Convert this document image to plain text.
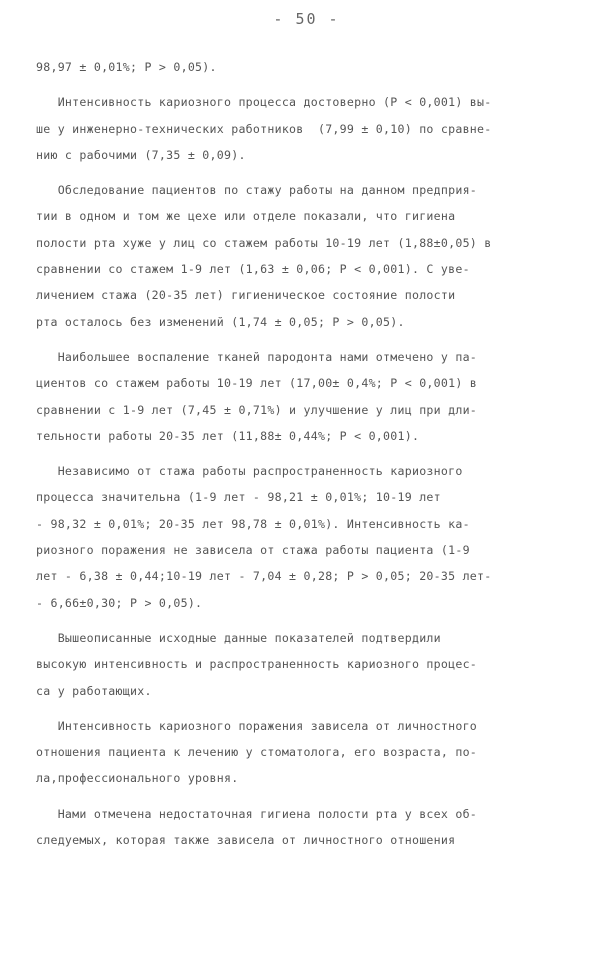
- 50 -

98,97 ± 0,01%; P > 0,05).

Интенсивность кариозного процесса достоверно (P < 0,001) вы-
ше у инженерно-технических работников  (7,99 ± 0,10) по сравне-
нию с рабочими (7,35 ± 0,09).

Обследование пациентов по стажу работы на данном предприя-
тии в одном и том же цехе или отделе показали, что гигиена
полости рта хуже у лиц со стажем работы 10-19 лет (1,88±0,05) в
сравнении со стажем 1-9 лет (1,63 ± 0,06; P < 0,001). С уве-
личением стажа (20-35 лет) гигиеническое состояние полости
рта осталось без изменений (1,74 ± 0,05; P > 0,05).

Наибольшее воспаление тканей пародонта нами отмечено у па-
циентов со стажем работы 10-19 лет (17,00± 0,4%; P < 0,001) в
сравнении с 1-9 лет (7,45 ± 0,71%) и улучшение у лиц при дли-
тельности работы 20-35 лет (11,88± 0,44%; P < 0,001).

Независимо от стажа работы распространенность кариозного
процесса значительна (1-9 лет - 98,21 ± 0,01%; 10-19 лет
- 98,32 ± 0,01%; 20-35 лет 98,78 ± 0,01%). Интенсивность ка-
риозного поражения не зависела от стажа работы пациента (1-9
лет - 6,38 ± 0,44;10-19 лет - 7,04 ± 0,28; P > 0,05; 20-35 лет-
- 6,66±0,30; P > 0,05).

Вышеописанные исходные данные показателей подтвердили
высокую интенсивность и распространенность кариозного процес-
са у работающих.

Интенсивность кариозного поражения зависела от личностного
отношения пациента к лечению у стоматолога, его возраста, по-
ла,профессионального уровня.

Нами отмечена недостаточная гигиена полости рта у всех об-
следуемых, которая также зависела от личностного отношения
